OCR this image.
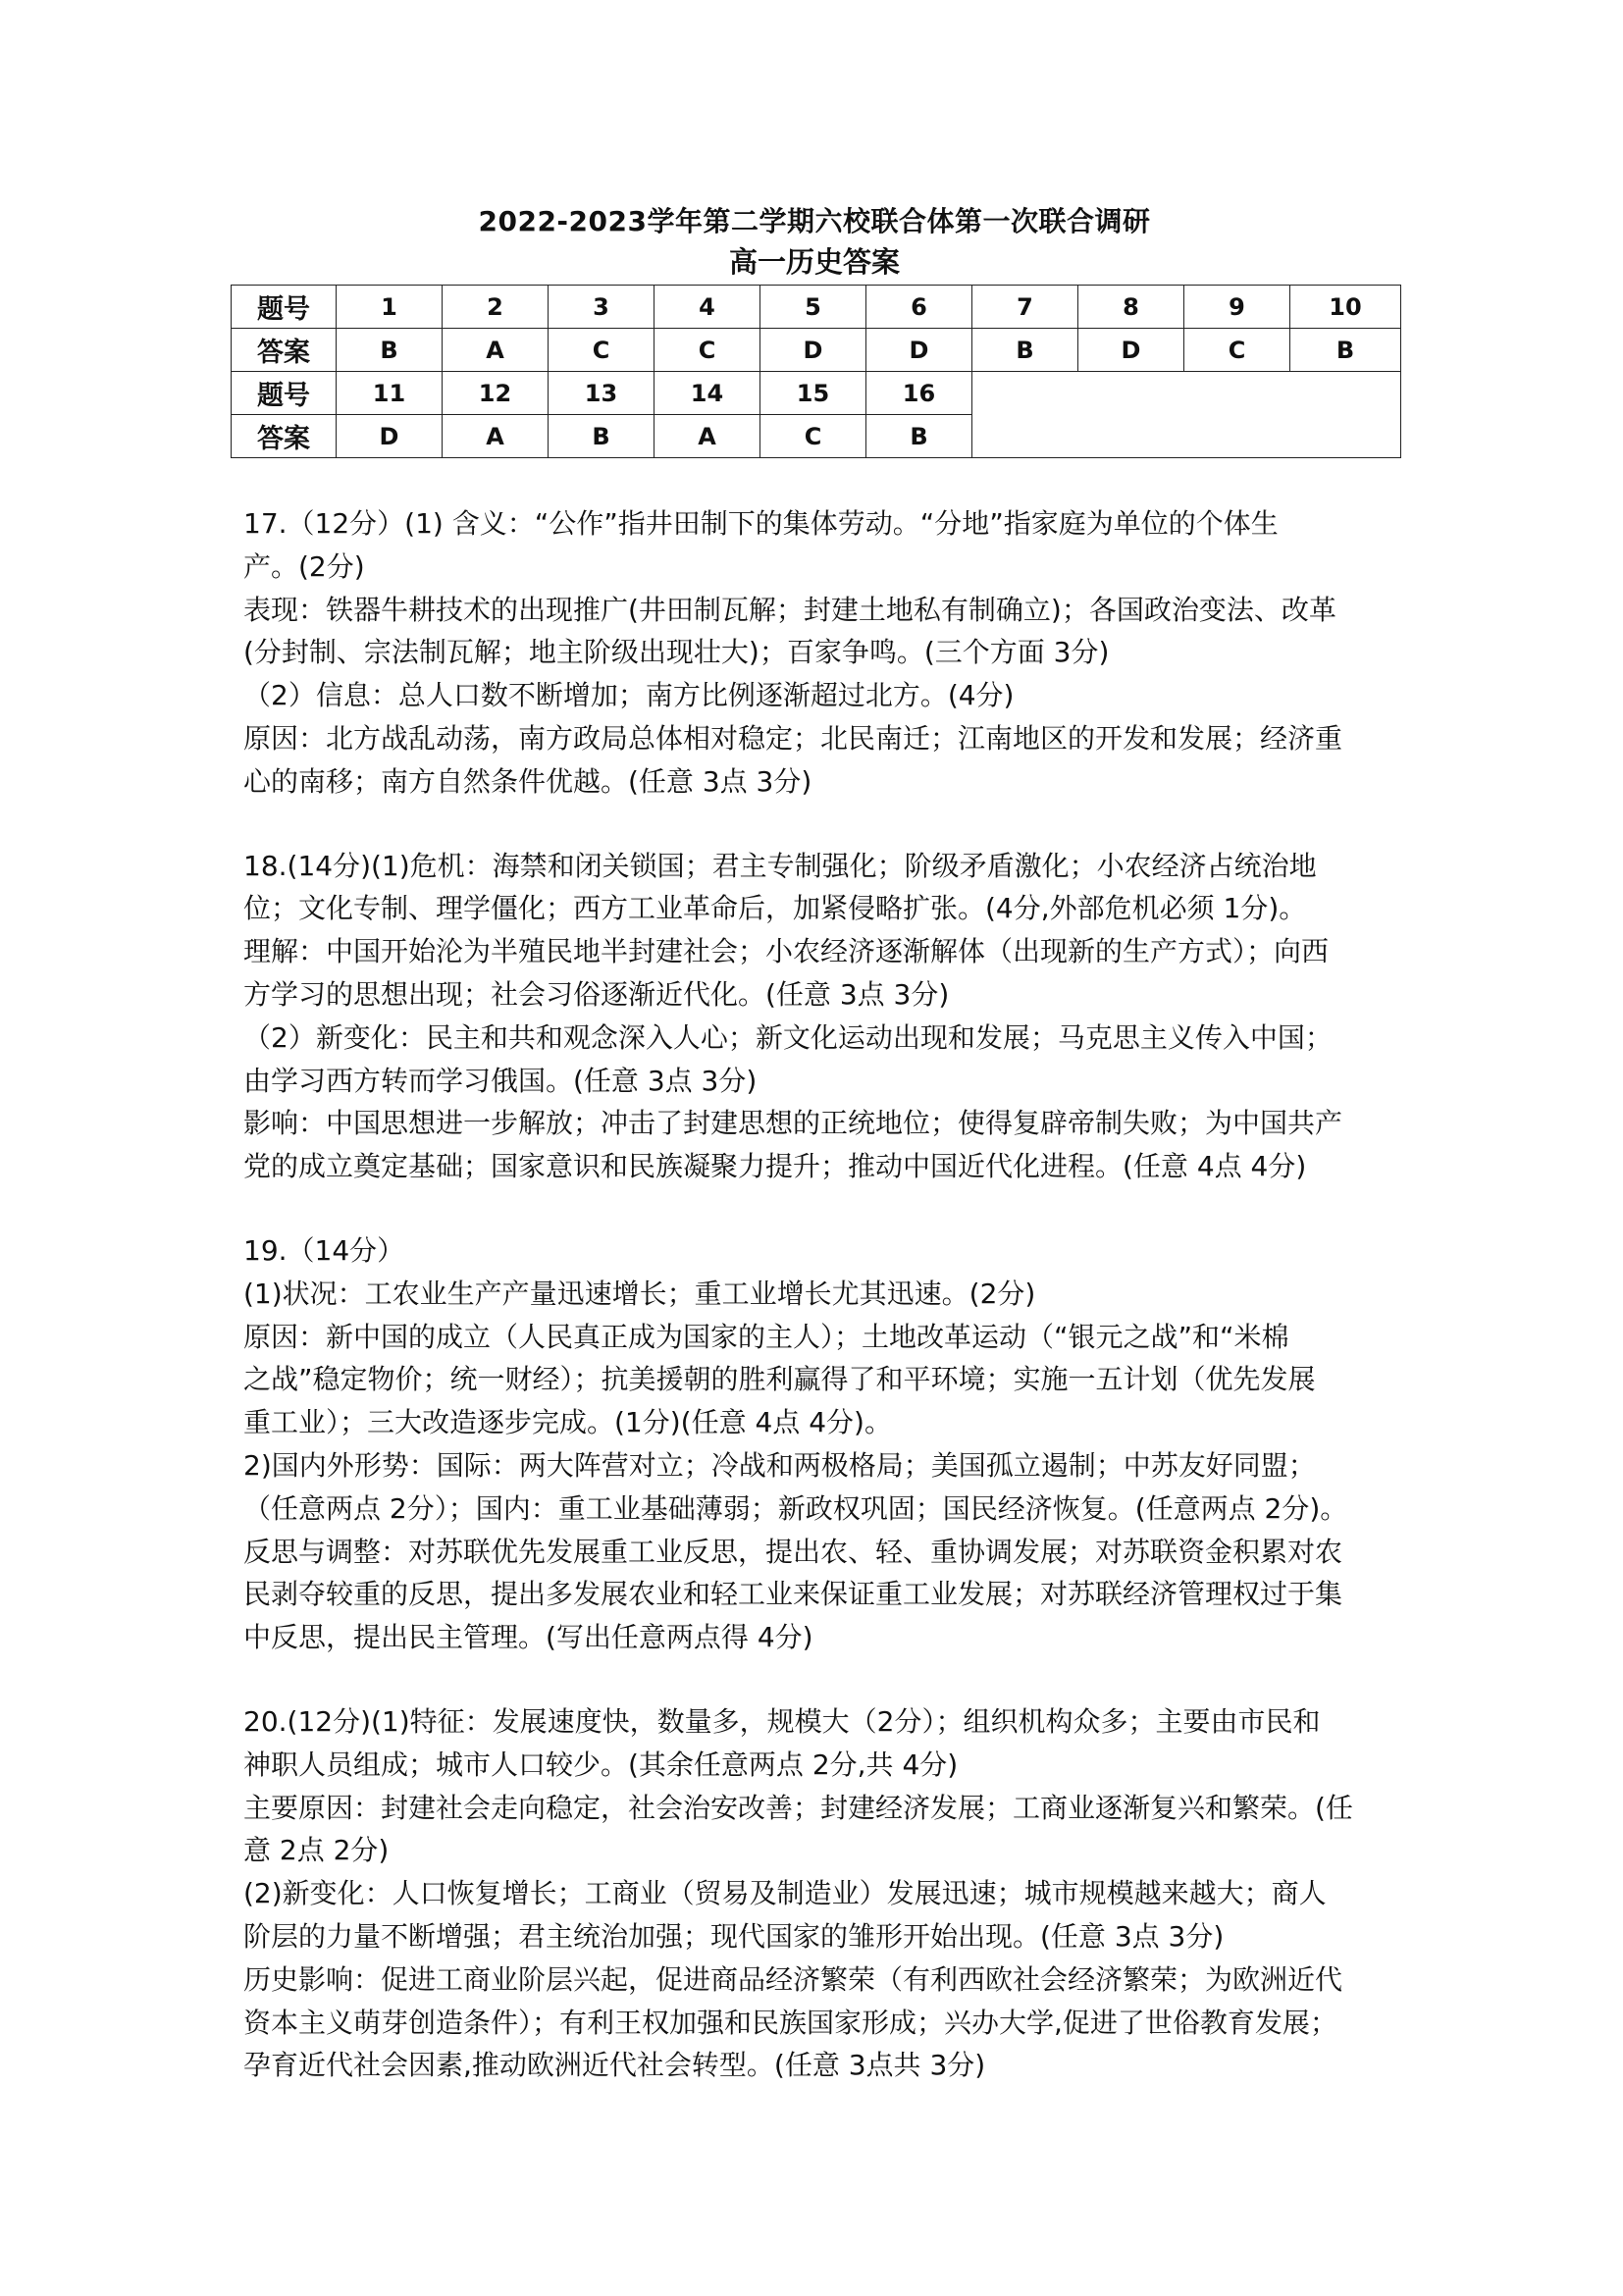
2022-2023学年第二学期六校联合体第一次联合调研
高一历史答案
题号	1	2	3	4	5	6	7	8	9	10
答案	B	A	C	C	D	D	B	D	C	B
题号	11	12	13	14	15	16				
答案	D	A	B	A	C	B				
17.（12分）(1) 含义：“公作”指井田制下的集体劳动。“分地”指家庭为单位的个体生
产。(2分)
表现：铁器牛耕技术的出现推广(井田制瓦解；封建土地私有制确立)；各国政治变法、改革
(分封制、宗法制瓦解；地主阶级出现壮大)；百家争鸣。(三个方面 3分)
（2）信息：总人口数不断增加；南方比例逐渐超过北方。(4分)
原因：北方战乱动荡，南方政局总体相对稳定；北民南迁；江南地区的开发和发展；经济重
心的南移；南方自然条件优越。(任意 3点 3分)
18.(14分)(1)危机：海禁和闭关锁国；君主专制强化；阶级矛盾激化；小农经济占统治地
位；文化专制、理学僵化；西方工业革命后，加紧侵略扩张。(4分,外部危机必须 1分)。
理解：中国开始沦为半殖民地半封建社会；小农经济逐渐解体（出现新的生产方式）；向西
方学习的思想出现；社会习俗逐渐近代化。(任意 3点 3分)
（2）新变化：民主和共和观念深入人心；新文化运动出现和发展；马克思主义传入中国；
由学习西方转而学习俄国。(任意 3点 3分)
影响：中国思想进一步解放；冲击了封建思想的正统地位；使得复辟帝制失败；为中国共产
党的成立奠定基础；国家意识和民族凝聚力提升；推动中国近代化进程。(任意 4点 4分)
19.（14分）
(1)状况：工农业生产产量迅速增长；重工业增长尤其迅速。(2分)
原因：新中国的成立（人民真正成为国家的主人）；土地改革运动（“银元之战”和“米棉
之战”稳定物价；统一财经）；抗美援朝的胜利赢得了和平环境；实施一五计划（优先发展
重工业）；三大改造逐步完成。(1分)(任意 4点 4分)。
2)国内外形势：国际：两大阵营对立；冷战和两极格局；美国孤立遏制；中苏友好同盟；
（任意两点 2分）；国内：重工业基础薄弱；新政权巩固；国民经济恢复。(任意两点 2分)。
反思与调整：对苏联优先发展重工业反思，提出农、轻、重协调发展；对苏联资金积累对农
民剥夺较重的反思，提出多发展农业和轻工业来保证重工业发展；对苏联经济管理权过于集
中反思，提出民主管理。(写出任意两点得 4分)
20.(12分)(1)特征：发展速度快，数量多，规模大（2分）；组织机构众多；主要由市民和
神职人员组成；城市人口较少。(其余任意两点 2分,共 4分)
主要原因：封建社会走向稳定，社会治安改善；封建经济发展；工商业逐渐复兴和繁荣。(任
意 2点 2分)
(2)新变化：人口恢复增长；工商业（贸易及制造业）发展迅速；城市规模越来越大；商人
阶层的力量不断增强；君主统治加强；现代国家的雏形开始出现。(任意 3点 3分)
历史影响：促进工商业阶层兴起，促进商品经济繁荣（有利西欧社会经济繁荣；为欧洲近代
资本主义萌芽创造条件）；有利王权加强和民族国家形成；兴办大学,促进了世俗教育发展；
孕育近代社会因素,推动欧洲近代社会转型。(任意 3点共 3分)
